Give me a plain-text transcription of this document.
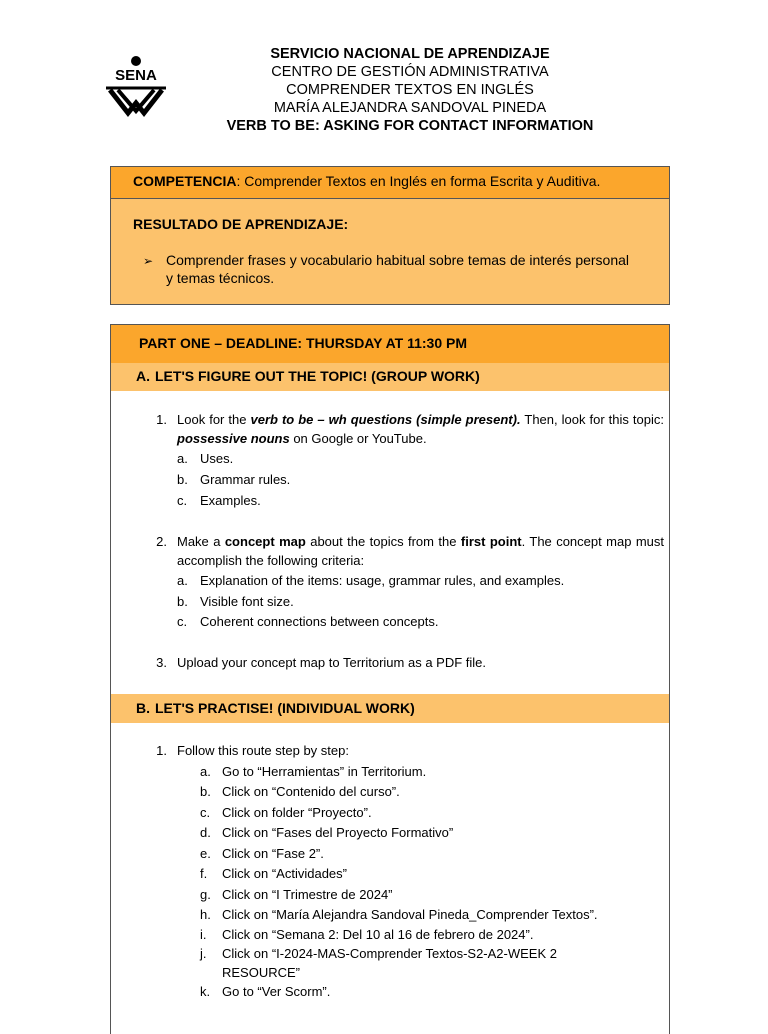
SENA
SERVICIO NACIONAL DE APRENDIZAJE
CENTRO DE GESTIÓN ADMINISTRATIVA
COMPRENDER TEXTOS EN INGLÉS
MARÍA ALEJANDRA SANDOVAL PINEDA
VERB TO BE: ASKING FOR CONTACT INFORMATION
COMPETENCIA: Comprender Textos en Inglés en forma Escrita y Auditiva.
RESULTADO DE APRENDIZAJE:
➢ Comprender frases y vocabulario habitual sobre temas de interés personal y temas técnicos.
PART ONE – DEADLINE: THURSDAY AT 11:30 PM
A. LET'S FIGURE OUT THE TOPIC! (GROUP WORK)
1. Look for the verb to be – wh questions (simple present). Then, look for this topic: possessive nouns on Google or YouTube.
a. Uses.
b. Grammar rules.
c. Examples.
2. Make a concept map about the topics from the first point. The concept map must accomplish the following criteria:
a. Explanation of the items: usage, grammar rules, and examples.
b. Visible font size.
c. Coherent connections between concepts.
3. Upload your concept map to Territorium as a PDF file.
B. LET'S PRACTISE! (INDIVIDUAL WORK)
1. Follow this route step by step:
a. Go to “Herramientas” in Territorium.
b. Click on “Contenido del curso”.
c. Click on folder “Proyecto”.
d. Click on “Fases del Proyecto Formativo”
e. Click on “Fase 2”.
f.	Click on “Actividades”
g. Click on “I Trimestre de 2024”
h. Click on “María Alejandra Sandoval Pineda_Comprender Textos”.
i.	Click on “Semana 2: Del 10 al 16 de febrero de 2024”.
j.	Click on “I-2024-MAS-Comprender Textos-S2-A2-WEEK 2 RESOURCE”
k. Go to “Ver Scorm”.
